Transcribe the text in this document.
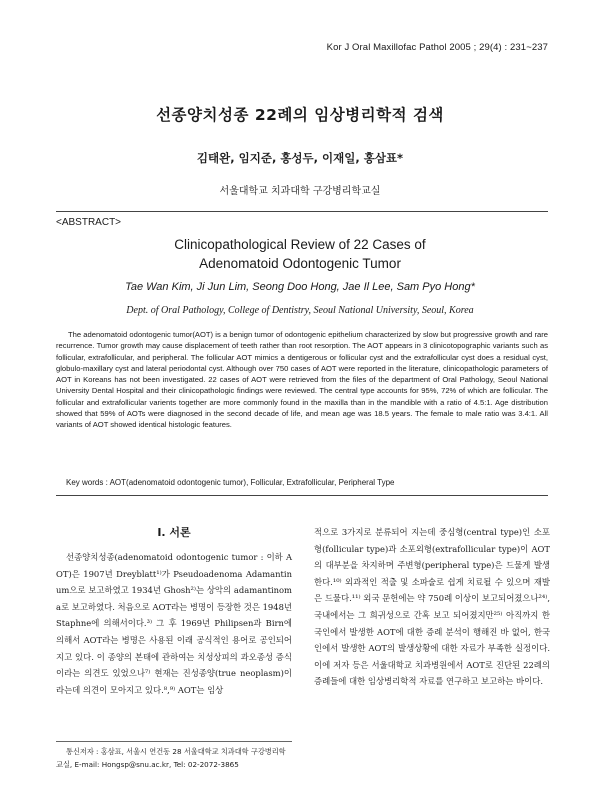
Kor J Oral Maxillofac Pathol 2005 ; 29(4) : 231~237
선종양치성종 22례의 임상병리학적 검색
김태완, 임지준, 홍성두, 이재일, 홍삼표*
서울대학교 치과대학 구강병리학교실
<ABSTRACT>
Clinicopathological Review of 22 Cases of
Adenomatoid Odontogenic Tumor
Tae Wan Kim, Ji Jun Lim, Seong Doo Hong, Jae Il Lee, Sam Pyo Hong*
Dept. of Oral Pathology, College of Dentistry, Seoul National University, Seoul, Korea
The adenomatoid odontogenic tumor(AOT) is a benign tumor of odontogenic epithelium characterized by slow but progressive growth and rare recurrence. Tumor growth may cause displacement of teeth rather than root resorption. The AOT appears in 3 clinicotopographic variants such as follicular, extrafollicular, and peripheral. The follicular AOT mimics a dentigerous or follicular cyst and the extrafollicular cyst does a residual cyst, globulo-maxillary cyst and lateral periodontal cyst. Although over 750 cases of AOT were reported in the literature, clinicopathologic parameters of AOT in Koreans has not been investigated. 22 cases of AOT were retrieved from the files of the department of Oral Pathology, Seoul National University Dental Hospital and their clinicopathologic findings were reviewed. The central type accounts for 95%, 72% of which are follicular. The follicular and extrafollicular varients together are more commonly found in the maxilla than in the mandible with a ratio of 4.5:1. Age distribution showed that 59% of AOTs were diagnosed in the second decade of life, and mean age was 18.5 years. The female to male ratio was 3.4:1. All variants of AOT showed identical histologic features.
Key words : AOT(adenomatoid odontogenic tumor), Follicular, Extrafollicular, Peripheral Type
I. 서론
선종양치성종(adenomatoid odontogenic tumor : 이하 AOT)은 1907년 Dreyblatt¹⁾가 Pseudoadenoma Adamantinum으로 보고하였고 1934년 Ghosh²⁾는 상악의 adamantinoma로 보고하였다. 처음으로 AOT라는 병명이 등장한 것은 1948년 Staphne에 의해서이다.³⁾ 그 후 1969년 Philipsen과 Birn에 의해서 AOT라는 병명은 사용된 이래 공식적인 용어로 공인되어지고 있다. 이 종양의 본태에 관하여는 치성상피의 과오종성 증식이라는 의견도 있었으나⁷⁾ 현재는 진성종양(true neoplasm)이라는데 의견이 모아지고 있다.⁸,⁹⁾ AOT는 임상
적으로 3가지로 분류되어 지는데 중심형(central type)인 소포형(follicular type)과 소포외형(extrafollicular type)이 AOT의 대부분을 차지하며 주변형(peripheral type)은 드물게 발생한다.¹⁰⁾ 외과적인 적출 및 소파술로 쉽게 치료될 수 있으며 재발은 드물다.¹¹⁾ 외국 문헌에는 약 750례 이상이 보고되어졌으나²⁴⁾, 국내에서는 그 희귀성으로 간혹 보고 되어졌지만²⁵⁾ 아직까지 한국인에서 발생한 AOT에 대한 증례 분석이 행해진 바 없어, 한국인에서 발생한 AOT의 발생상황에 대한 자료가 부족한 실정이다. 이에 저자 등은 서울대학교 치과병원에서 AOT로 진단된 22례의 증례들에 대한 임상병리학적 자료를 연구하고 보고하는 바이다.
통신저자 : 홍삼표, 서울시 연건동 28 서울대학교 치과대학 구강병리학교실, E-mail: Hongsp@snu.ac.kr, Tel: 02-2072-3865
